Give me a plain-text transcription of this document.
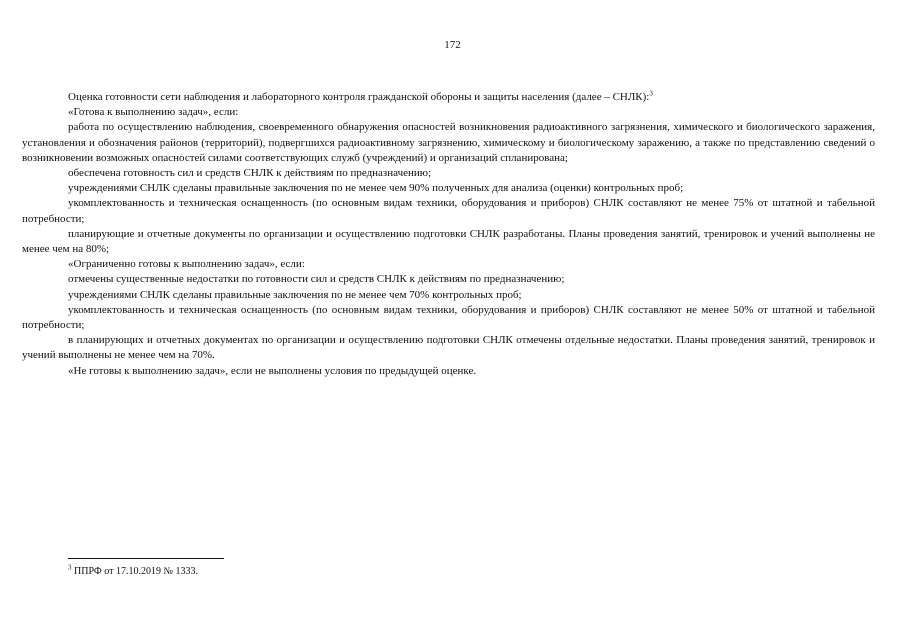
172

Оценка готовности сети наблюдения и лабораторного контроля гражданской обороны и защиты населения (далее – СНЛК):$^3$

«Готова к выполнению задач», если:

работа по осуществлению наблюдения, своевременного обнаружения опасностей возникновения радиоактивного загрязнения, химического и биологического заражения, установления и обозначения районов (территорий), подвергшихся радиоактивному загрязнению, химическому и биологическому заражению, а также по представлению сведений о возникновении возможных опасностей силами соответствующих служб (учреждений) и организаций спланирована;

обеспечена готовность сил и средств СНЛК к действиям по предназначению;

учреждениями СНЛК сделаны правильные заключения по не менее чем 90% полученных для анализа (оценки) контрольных проб;

укомплектованность и техническая оснащенность (по основным видам техники, оборудования и приборов) СНЛК составляют не менее 75% от штатной и табельной потребности;

планирующие и отчетные документы по организации и осуществлению подготовки СНЛК разработаны. Планы проведения занятий, тренировок и учений выполнены не менее чем на 80%;

«Ограниченно готовы к выполнению задач», если:

отмечены существенные недостатки по готовности сил и средств СНЛК к действиям по предназначению;

учреждениями СНЛК сделаны правильные заключения по не менее чем 70% контрольных проб;

укомплектованность и техническая оснащенность (по основным видам техники, оборудования и приборов) СНЛК составляют не менее 50% от штатной и табельной потребности;

в планирующих и отчетных документах по организации и осуществлению подготовки СНЛК отмечены отдельные недостатки. Планы проведения занятий, тренировок и учений выполнены не менее чем на 70%.

«Не готовы к выполнению задач», если не выполнены условия по предыдущей оценке.

$^3$ ППРФ от 17.10.2019 № 1333.
